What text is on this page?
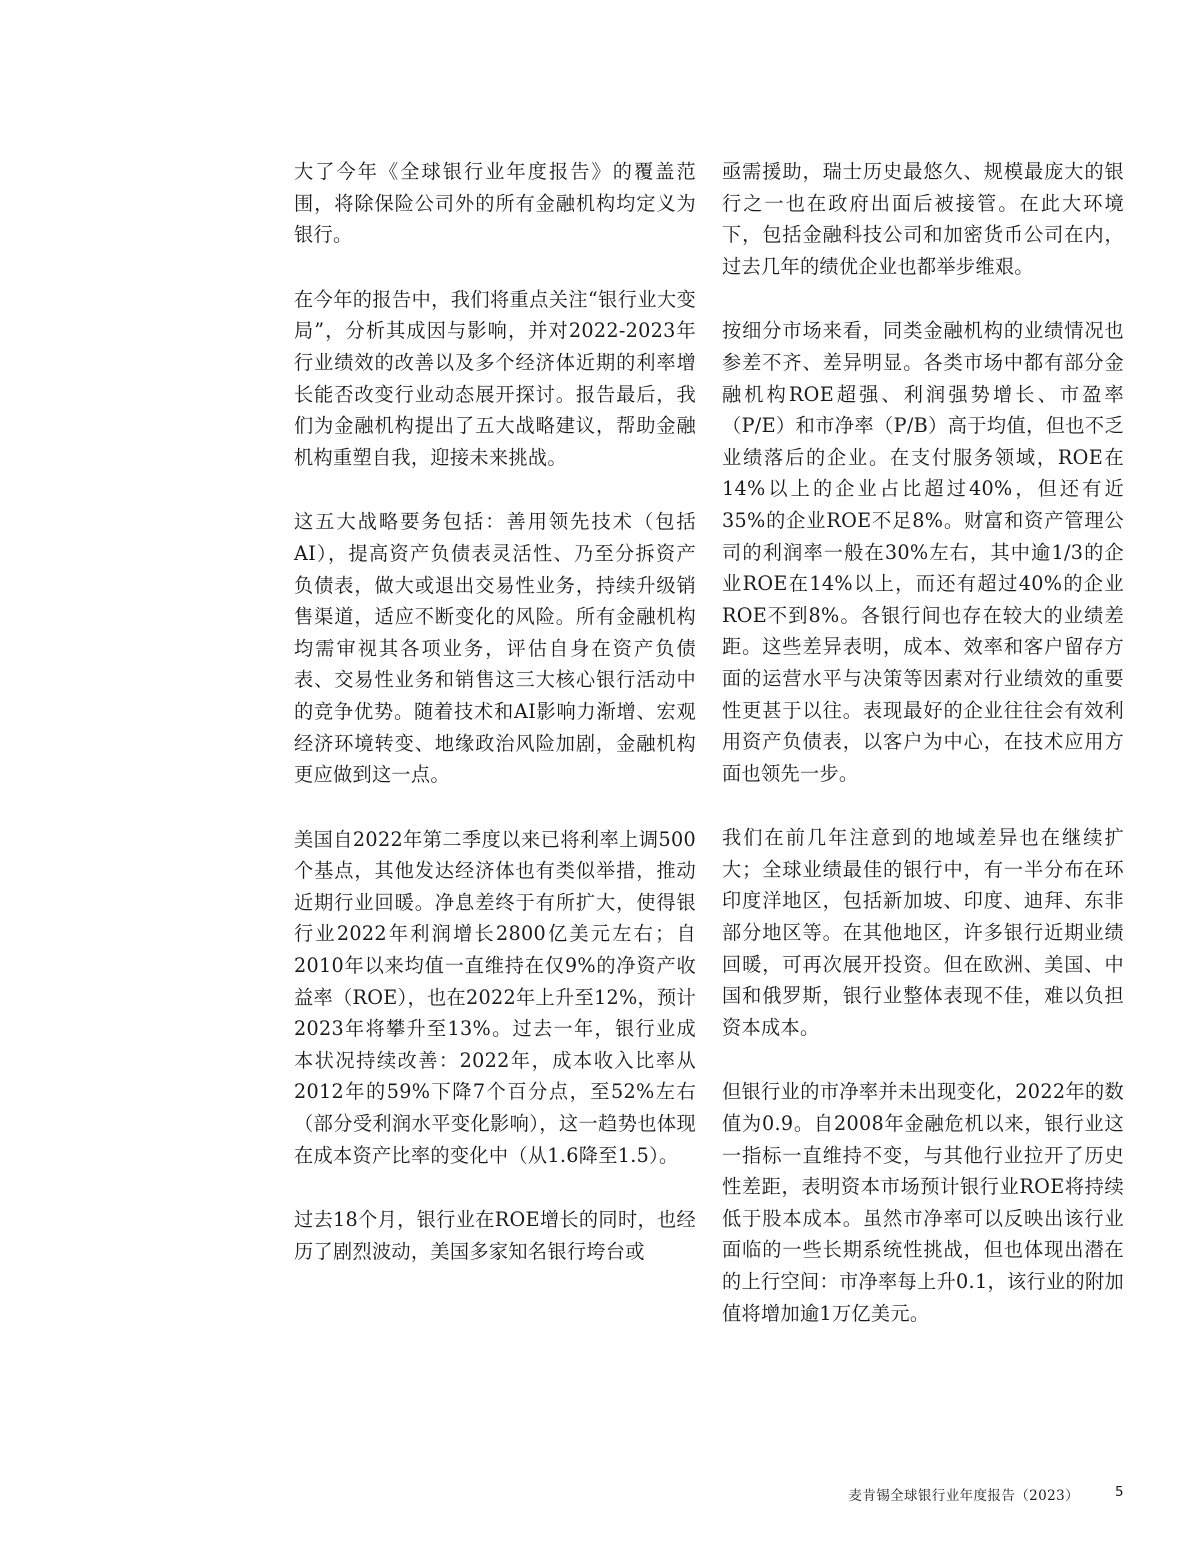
大了今年《全球银行业年度报告》的覆盖范围，将除保险公司外的所有金融机构均定义为银行。

在今年的报告中，我们将重点关注“银行业大变局”，分析其成因与影响，并对2022-2023年行业绩效的改善以及多个经济体近期的利率增长能否改变行业动态展开探讨。报告最后，我们为金融机构提出了五大战略建议，帮助金融机构重塑自我，迎接未来挑战。

这五大战略要务包括：善用领先技术（包括AI），提高资产负债表灵活性、乃至分拆资产负债表，做大或退出交易性业务，持续升级销售渠道，适应不断变化的风险。所有金融机构均需审视其各项业务，评估自身在资产负债表、交易性业务和销售这三大核心银行活动中的竞争优势。随着技术和AI影响力渐增、宏观经济环境转变、地缘政治风险加剧，金融机构更应做到这一点。

美国自2022年第二季度以来已将利率上调500个基点，其他发达经济体也有类似举措，推动近期行业回暖。净息差终于有所扩大，使得银行业2022年利润增长2800亿美元左右；自2010年以来均值一直维持在仅9%的净资产收益率（ROE），也在2022年上升至12%，预计2023年将攀升至13%。过去一年，银行业成本状况持续改善：2022年，成本收入比率从2012年的59%下降7个百分点，至52%左右（部分受利润水平变化影响），这一趋势也体现在成本资产比率的变化中（从1.6降至1.5）。

过去18个月，银行业在ROE增长的同时，也经历了剧烈波动，美国多家知名银行垮台或

亟需援助，瑞士历史最悠久、规模最庞大的银行之一也在政府出面后被接管。在此大环境下，包括金融科技公司和加密货币公司在内，过去几年的绩优企业也都举步维艰。

按细分市场来看，同类金融机构的业绩情况也参差不齐、差异明显。各类市场中都有部分金融机构ROE超强、利润强势增长、市盈率（P/E）和市净率（P/B）高于均值，但也不乏业绩落后的企业。在支付服务领域，ROE在14%以上的企业占比超过40%，但还有近35%的企业ROE不足8%。财富和资产管理公司的利润率一般在30%左右，其中逾1/3的企业ROE在14%以上，而还有超过40%的企业ROE不到8%。各银行间也存在较大的业绩差距。这些差异表明，成本、效率和客户留存方面的运营水平与决策等因素对行业绩效的重要性更甚于以往。表现最好的企业往往会有效利用资产负债表，以客户为中心，在技术应用方面也领先一步。

我们在前几年注意到的地域差异也在继续扩大；全球业绩最佳的银行中，有一半分布在环印度洋地区，包括新加坡、印度、迪拜、东非部分地区等。在其他地区，许多银行近期业绩回暖，可再次展开投资。但在欧洲、美国、中国和俄罗斯，银行业整体表现不佳，难以负担资本成本。

但银行业的市净率并未出现变化，2022年的数值为0.9。自2008年金融危机以来，银行业这一指标一直维持不变，与其他行业拉开了历史性差距，表明资本市场预计银行业ROE将持续低于股本成本。虽然市净率可以反映出该行业面临的一些长期系统性挑战，但也体现出潜在的上行空间：市净率每上升0.1，该行业的附加值将增加逾1万亿美元。

麦肯锡全球银行业年度报告（2023）	5
